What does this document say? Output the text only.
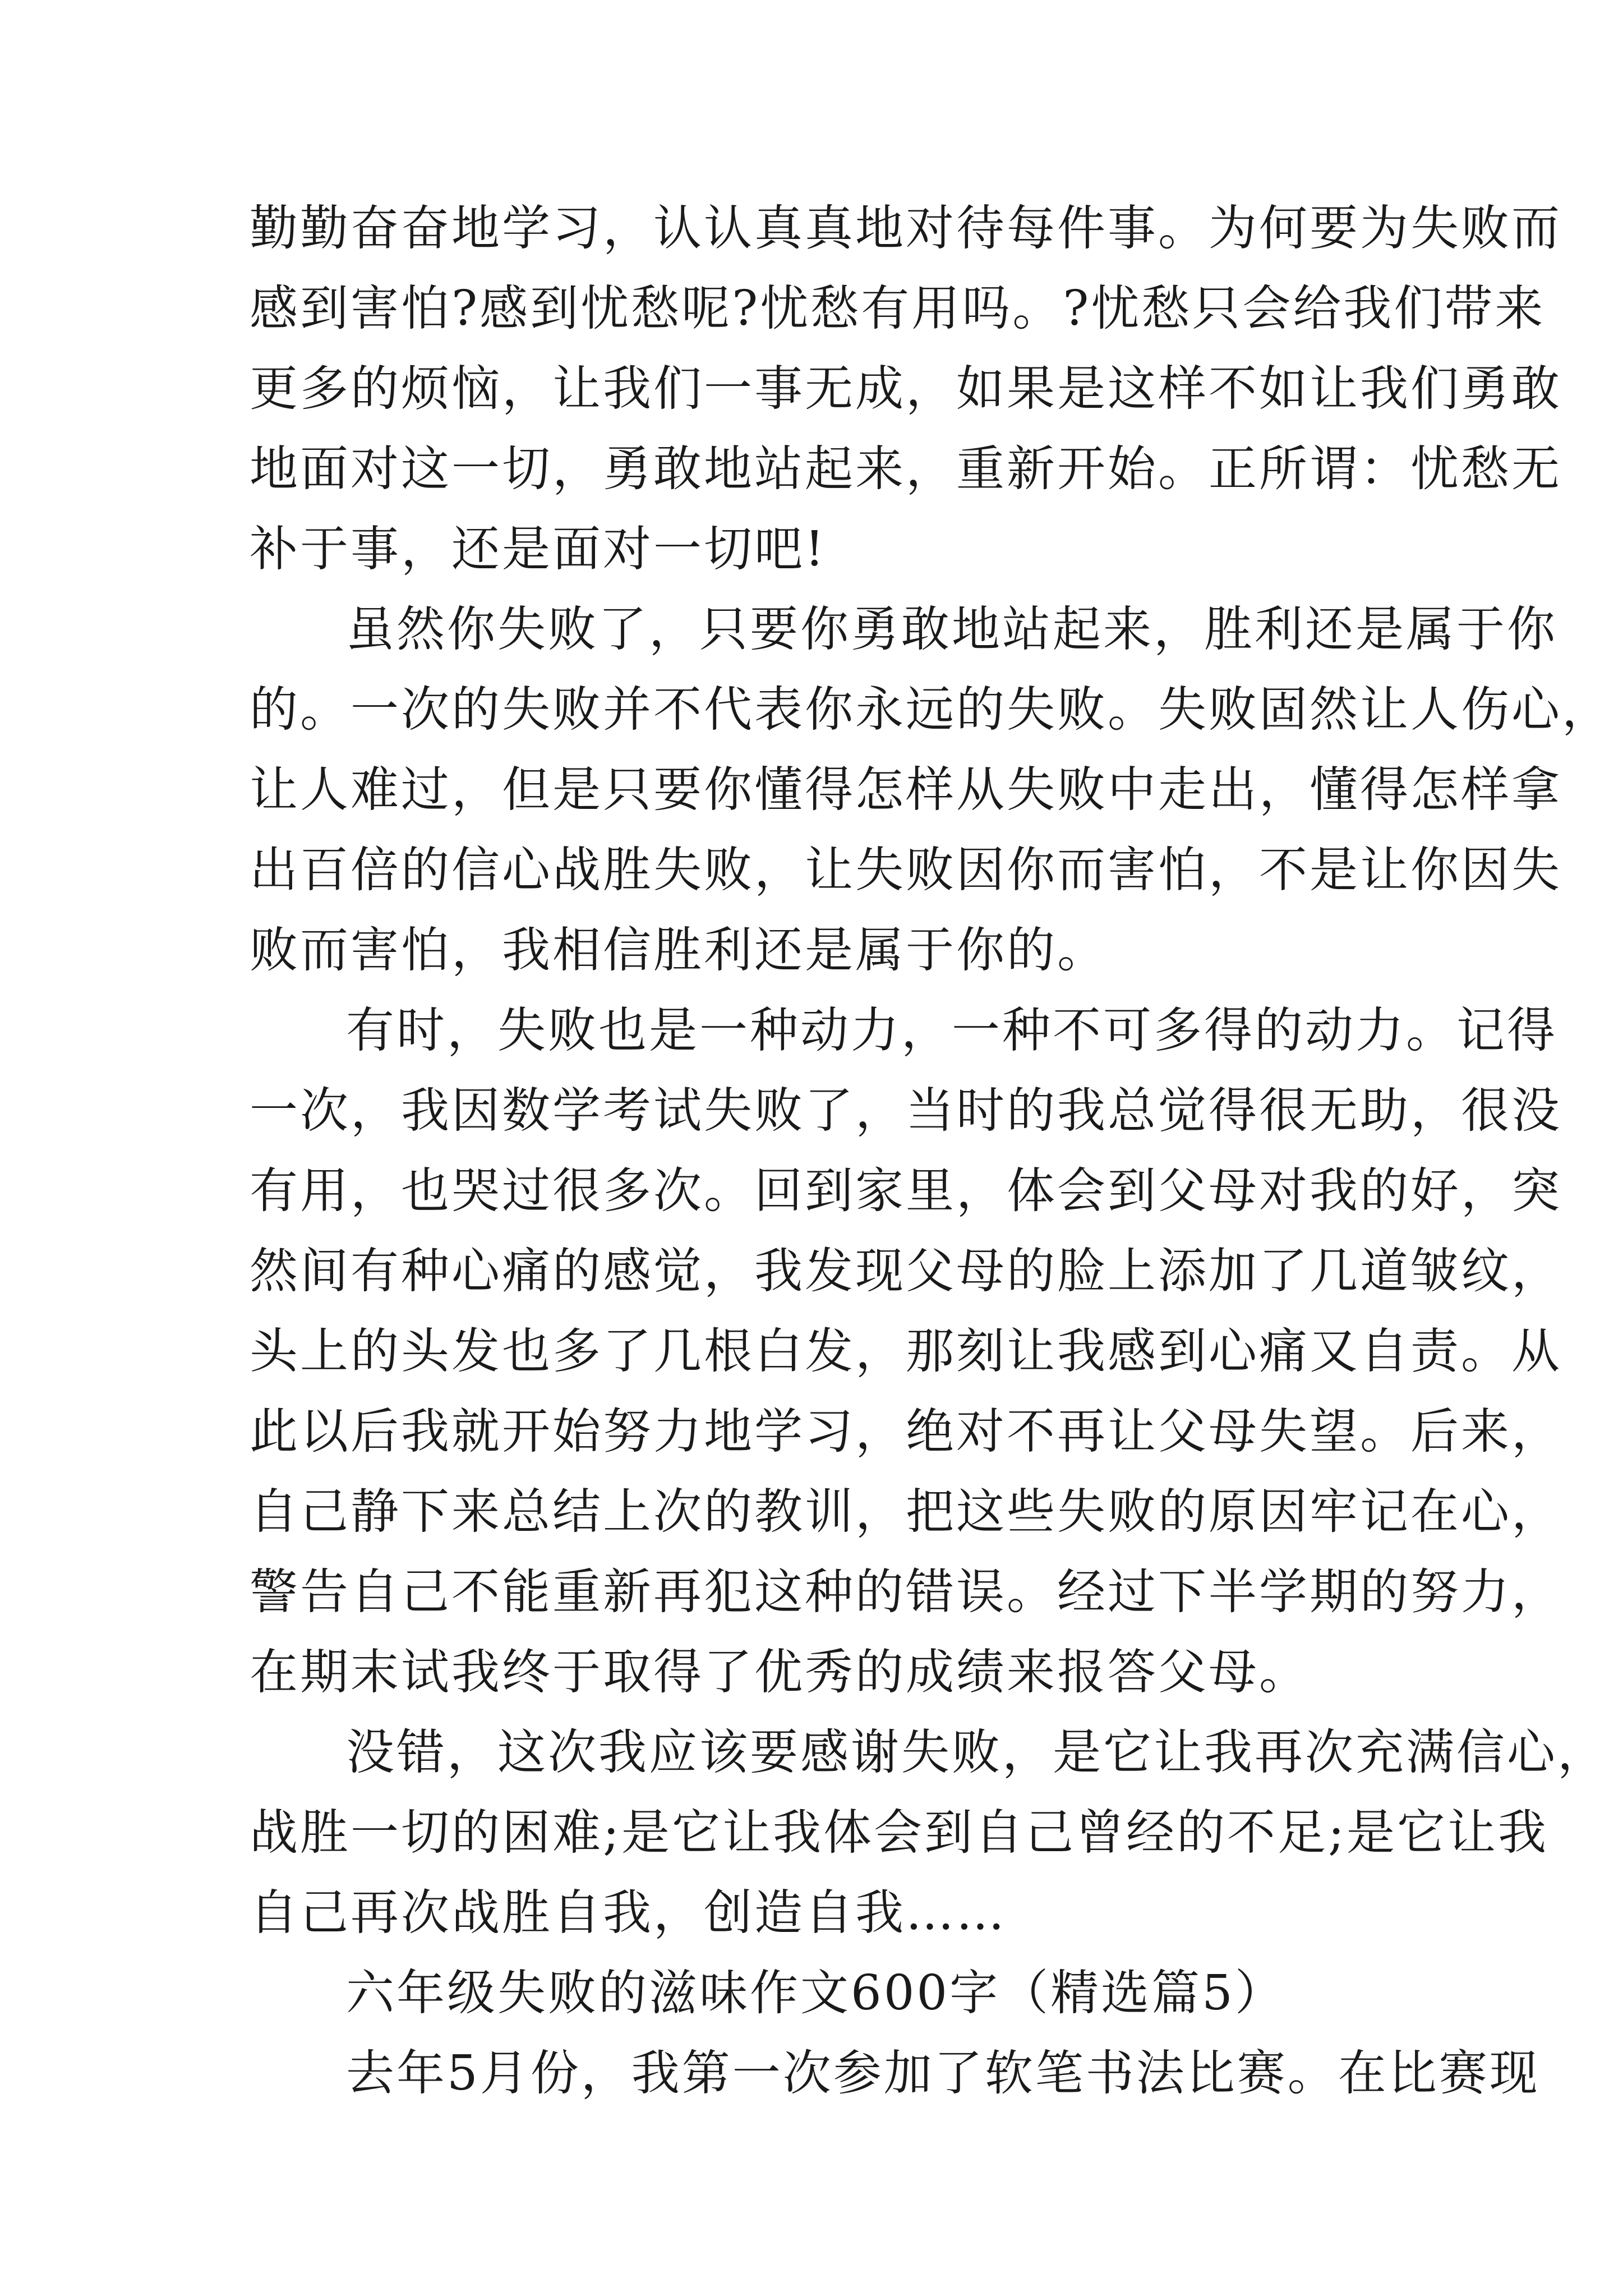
勤勤奋奋地学习，认认真真地对待每件事。为何要为失败而
感到害怕?感到忧愁呢?忧愁有用吗。?忧愁只会给我们带来
更多的烦恼，让我们一事无成，如果是这样不如让我们勇敢
地面对这一切，勇敢地站起来，重新开始。正所谓：忧愁无
补于事，还是面对一切吧!
虽然你失败了，只要你勇敢地站起来，胜利还是属于你
的。一次的失败并不代表你永远的失败。失败固然让人伤心，
让人难过，但是只要你懂得怎样从失败中走出，懂得怎样拿
出百倍的信心战胜失败，让失败因你而害怕，不是让你因失
败而害怕，我相信胜利还是属于你的。
有时，失败也是一种动力，一种不可多得的动力。记得
一次，我因数学考试失败了，当时的我总觉得很无助，很没
有用，也哭过很多次。回到家里，体会到父母对我的好，突
然间有种心痛的感觉，我发现父母的脸上添加了几道皱纹，
头上的头发也多了几根白发，那刻让我感到心痛又自责。从
此以后我就开始努力地学习，绝对不再让父母失望。后来，
自己静下来总结上次的教训，把这些失败的原因牢记在心，
警告自己不能重新再犯这种的错误。经过下半学期的努力，
在期末试我终于取得了优秀的成绩来报答父母。
没错，这次我应该要感谢失败，是它让我再次充满信心，
战胜一切的困难;是它让我体会到自己曾经的不足;是它让我
自己再次战胜自我，创造自我……
六年级失败的滋味作文600字（精选篇5）
去年5月份，我第一次参加了软笔书法比赛。在比赛现
